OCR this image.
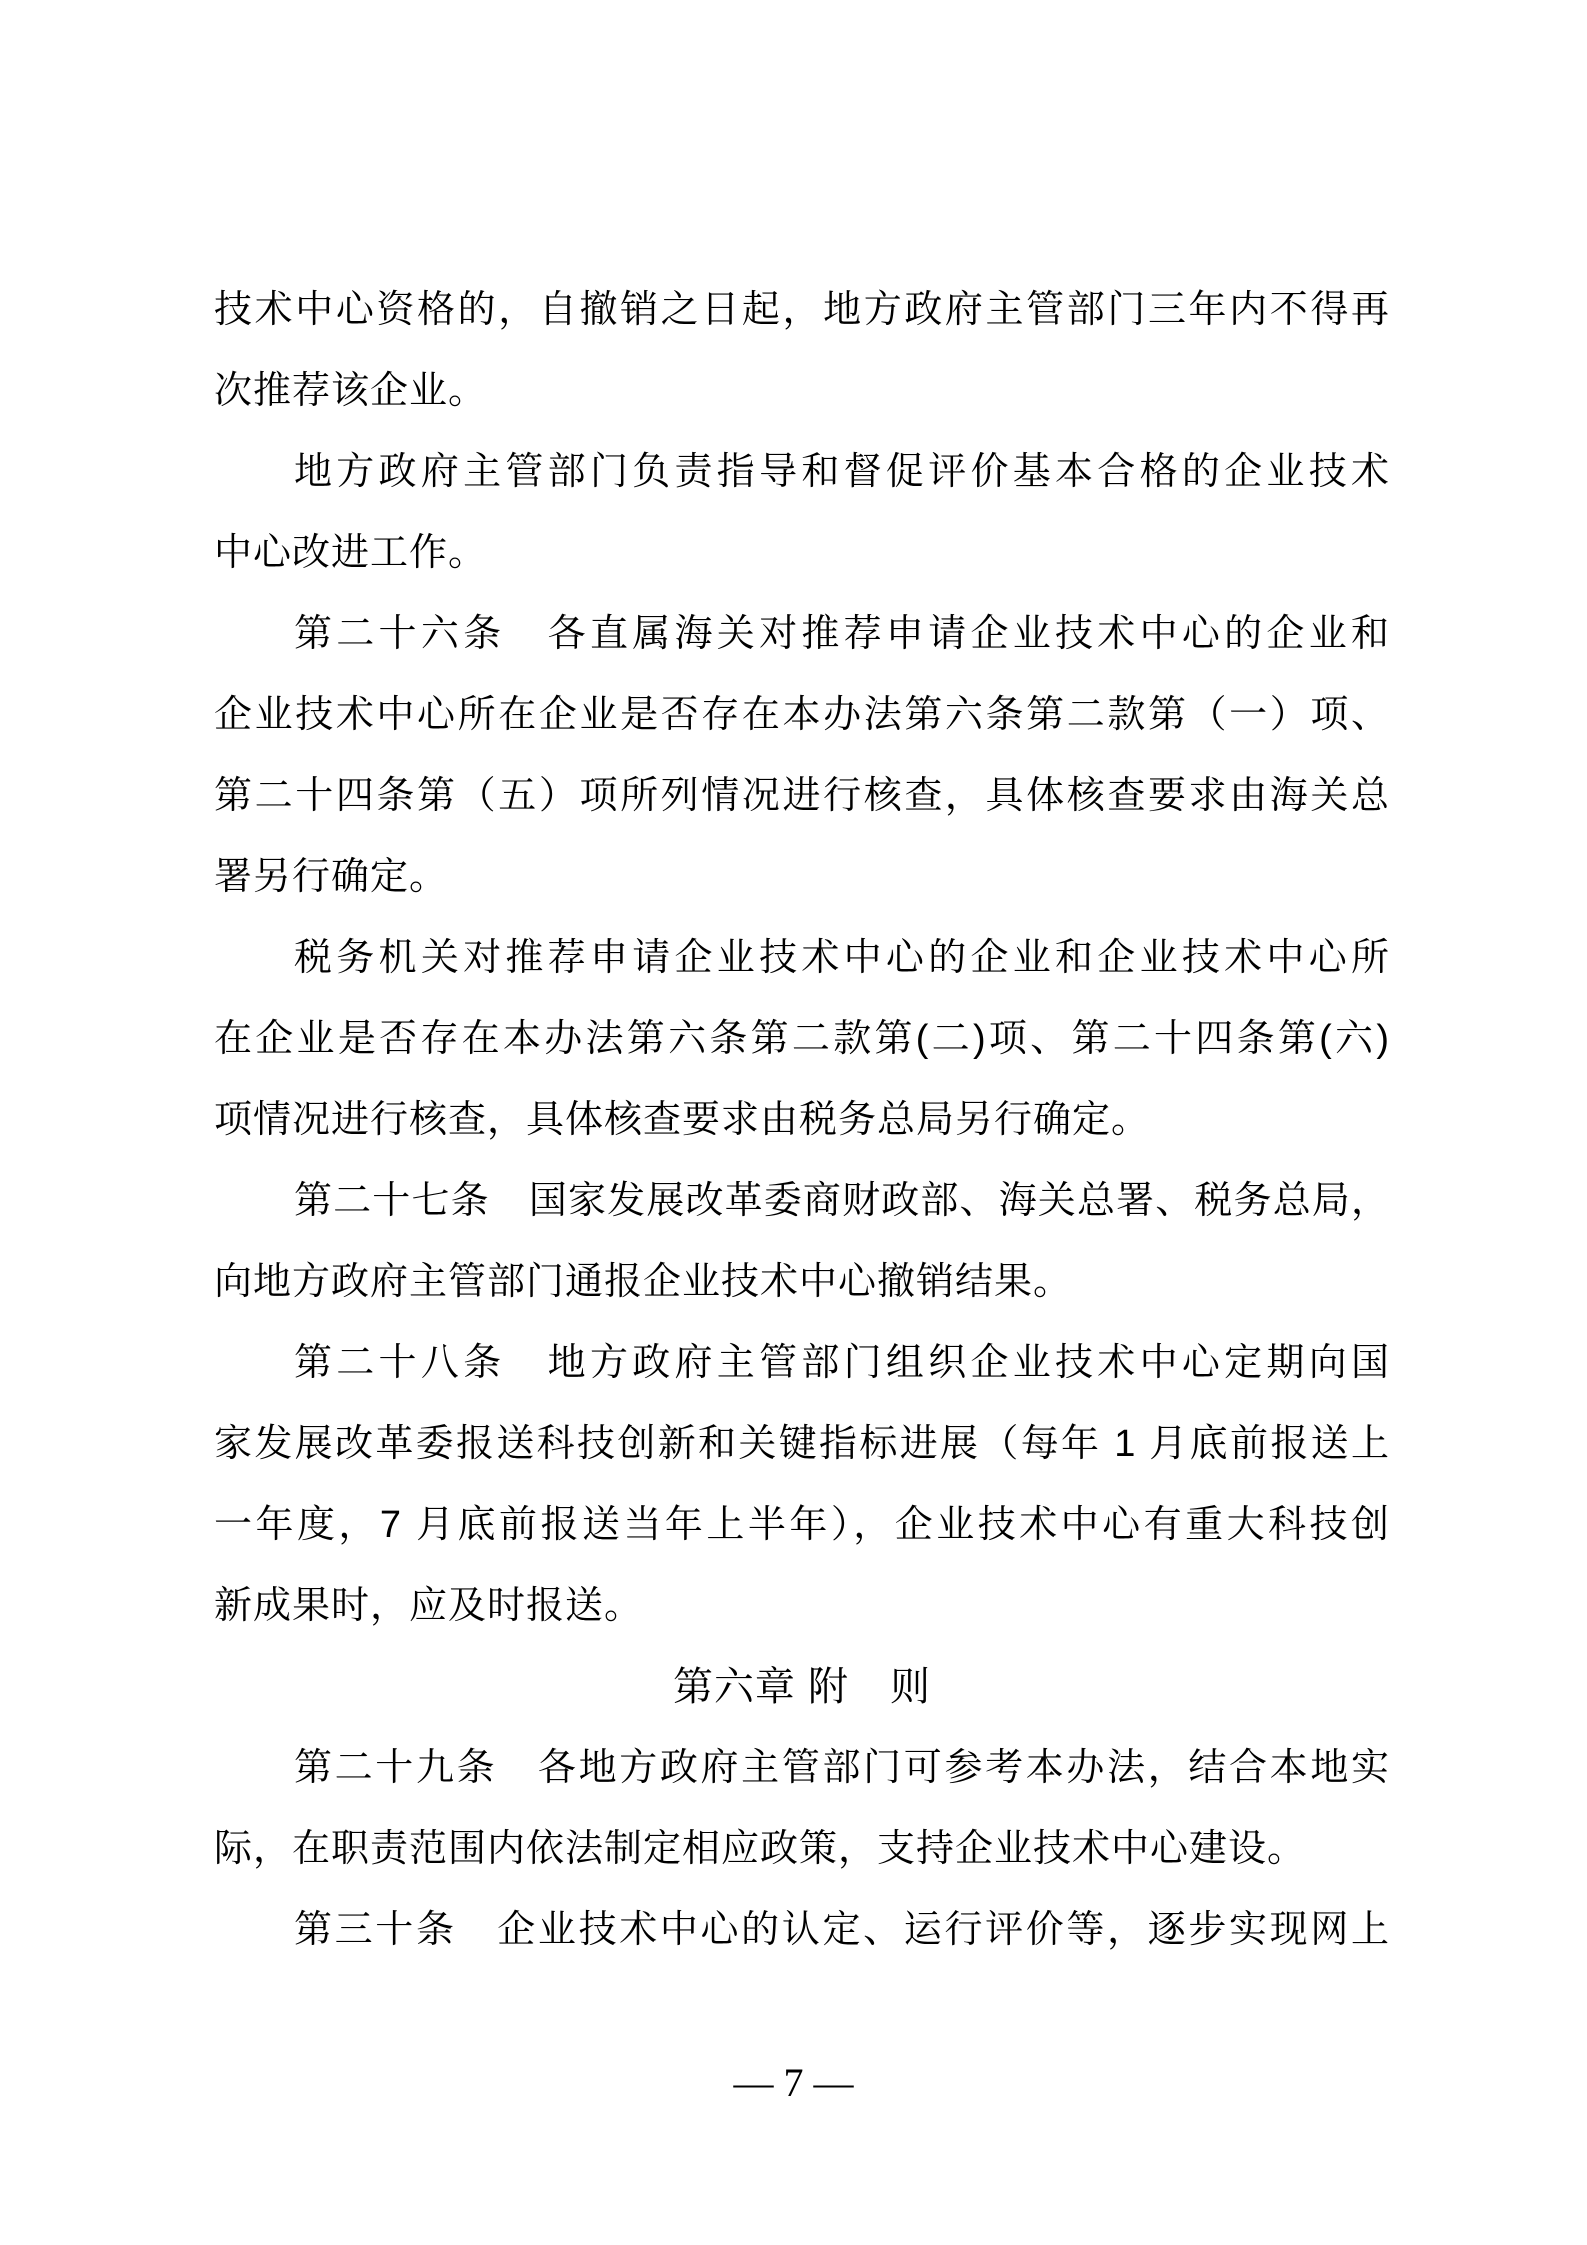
技术中心资格的，自撤销之日起，地方政府主管部门三年内不得再
次推荐该企业。
地方政府主管部门负责指导和督促评价基本合格的企业技术
中心改进工作。
第二十六条　各直属海关对推荐申请企业技术中心的企业和
企业技术中心所在企业是否存在本办法第六条第二款第（一）项、
第二十四条第（五）项所列情况进行核查，具体核查要求由海关总
署另行确定。
税务机关对推荐申请企业技术中心的企业和企业技术中心所
在企业是否存在本办法第六条第二款第(二)项、第二十四条第(六)
项情况进行核查，具体核查要求由税务总局另行确定。
第二十七条　国家发展改革委商财政部、海关总署、税务总局，
向地方政府主管部门通报企业技术中心撤销结果。
第二十八条　地方政府主管部门组织企业技术中心定期向国
家发展改革委报送科技创新和关键指标进展（每年 1 月底前报送上
一年度，7 月底前报送当年上半年），企业技术中心有重大科技创
新成果时，应及时报送。
第六章 附　则
第二十九条　各地方政府主管部门可参考本办法，结合本地实
际，在职责范围内依法制定相应政策，支持企业技术中心建设。
第三十条　企业技术中心的认定、运行评价等，逐步实现网上
— 7 —
